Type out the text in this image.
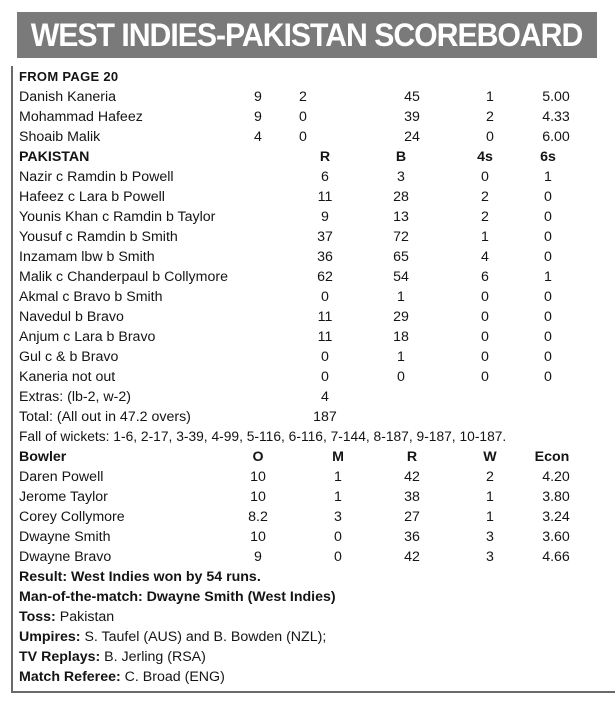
WEST INDIES-PAKISTAN SCOREBOARD
FROM PAGE 20
Danish Kaneria	9	2	45	1	5.00
Mohammad Hafeez	9	0	39	2	4.33
Shoaib Malik	4	0	24	0	6.00
PAKISTAN	R	B	4s	6s
Nazir c Ramdin b Powell	6	3	0	1
Hafeez c Lara b Powell	11	28	2	0
Younis Khan c Ramdin b Taylor	9	13	2	0
Yousuf c Ramdin b Smith	37	72	1	0
Inzamam lbw b Smith	36	65	4	0
Malik c Chanderpaul b Collymore	62	54	6	1
Akmal c Bravo b Smith	0	1	0	0
Navedul b Bravo	11	29	0	0
Anjum c Lara b Bravo	11	18	0	0
Gul c & b Bravo	0	1	0	0
Kaneria not out	0	0	0	0
Extras: (lb-2, w-2)	4
Total: (All out in 47.2 overs)	187
Fall of wickets: 1-6, 2-17, 3-39, 4-99, 5-116, 6-116, 7-144, 8-187, 9-187, 10-187.
Bowler	O	M	R	W	Econ
Daren Powell	10	1	42	2	4.20
Jerome Taylor	10	1	38	1	3.80
Corey Collymore	8.2	3	27	1	3.24
Dwayne Smith	10	0	36	3	3.60
Dwayne Bravo	9	0	42	3	4.66
Result: West Indies won by 54 runs.
Man-of-the-match: Dwayne Smith (West Indies)
Toss: Pakistan
Umpires: S. Taufel (AUS) and B. Bowden (NZL);
TV Replays: B. Jerling (RSA)
Match Referee: C. Broad (ENG)
